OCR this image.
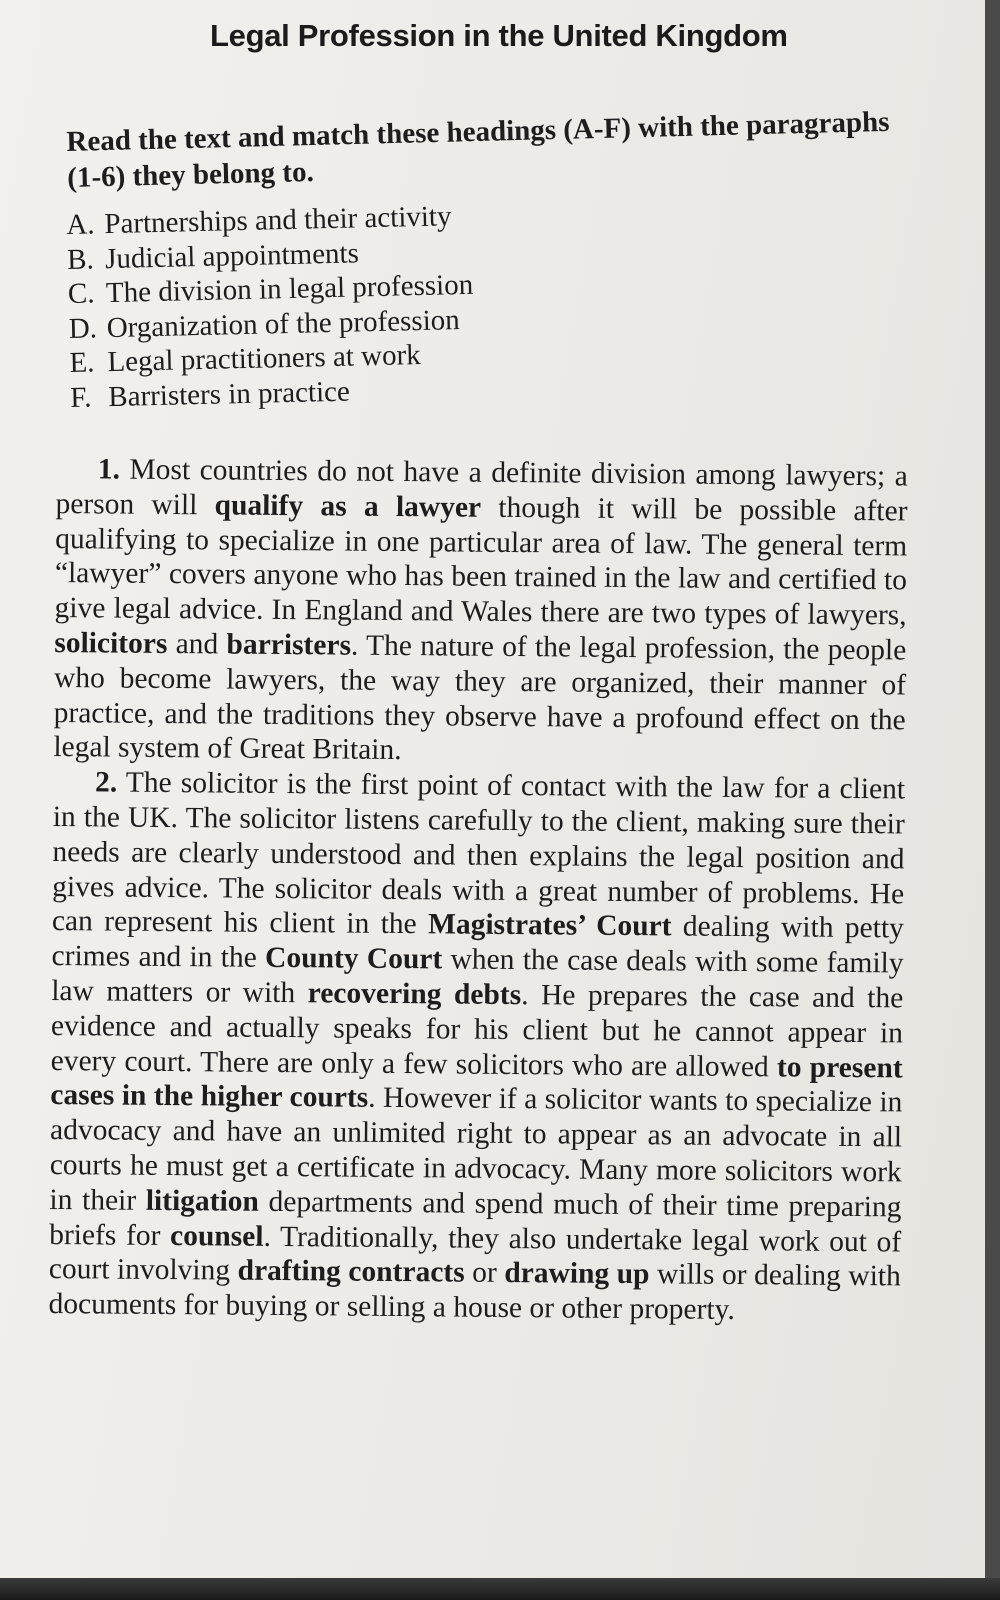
Legal Profession in the United Kingdom

Read the text and match these headings (A-F) with the paragraphs (1-6) they belong to.

A. Partnerships and their activity
B. Judicial appointments
C. The division in legal profession
D. Organization of the profession
E. Legal practitioners at work
F. Barristers in practice

1. Most countries do not have a definite division among lawyers; a person will qualify as a lawyer though it will be possible after qualifying to specialize in one particular area of law. The general term “lawyer” covers anyone who has been trained in the law and certified to give legal advice. In England and Wales there are two types of lawyers, solicitors and barristers. The nature of the legal profession, the people who become lawyers, the way they are organized, their manner of practice, and the traditions they observe have a profound effect on the legal system of Great Britain.

2. The solicitor is the first point of contact with the law for a client in the UK. The solicitor listens carefully to the client, making sure their needs are clearly understood and then explains the legal position and gives advice. The solicitor deals with a great number of problems. He can represent his client in the Magistrates’ Court dealing with petty crimes and in the County Court when the case deals with some family law matters or with recovering debts. He prepares the case and the evidence and actually speaks for his client but he cannot appear in every court. There are only a few solicitors who are allowed to present cases in the higher courts. However if a solicitor wants to specialize in advocacy and have an unlimited right to appear as an advocate in all courts he must get a certificate in advocacy. Many more solicitors work in their litigation departments and spend much of their time preparing briefs for counsel. Traditionally, they also undertake legal work out of court involving drafting contracts or drawing up wills or dealing with documents for buying or selling a house or other property.
